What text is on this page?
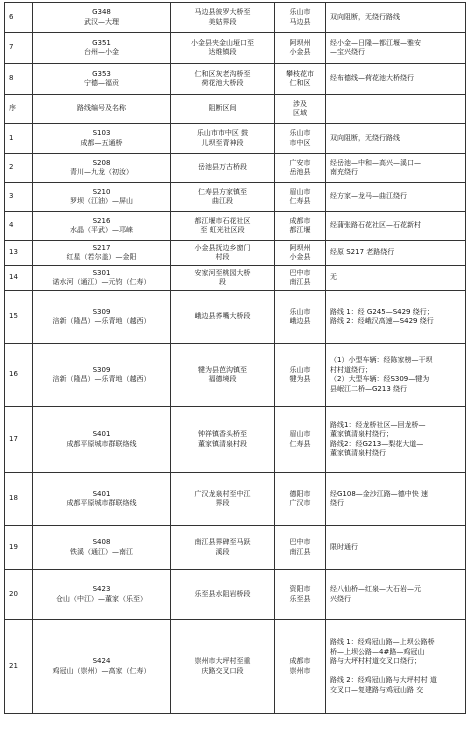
6	G348
武汉—大理	马边县彼罗大桥至
美姑界段	乐山市
马边县	双向阻断，无绕行路线

7	G351
台州—小金	小金县夹金山垭口至
达维镇段	阿坝州
小金县	经小金—日隆—都江堰—雅安
—宝兴绕行

8	G353
宁德—福贡	仁和区灰老沟桥至
荷花池大桥段	攀枝花市
仁和区	经布德线—荷花池大桥绕行

序	路线编号及名称	阻断区间	涉及
区域	

1	S103
成都—五通桥	乐山市市中区 鼓
儿坝至青神段	乐山市
市中区	双向阻断，无绕行路线

2	S208
青川—九龙（初汝）	岳池县万古桥段	广安市
岳池县	经岳池—中和—高兴—溪口—
南充绕行

3	S210
罗坝（江油）—屏山	仁寿县方家镇至
曲江段	眉山市
仁寿县	经方家—龙马—曲江绕行

4	S216
水晶（平武）—邛崃	都江堰市石花社区
至 虹光社区段	成都市
都江堰	经蒲张路石花社区—石花新村

13	S217
红星（若尔盖）—金阳	小金县抚边乡窗门
村段	阿坝州
小金县	经原 S217 老路绕行

14	S301
诺水河（通江）—元钧（仁寿）	安家河至桃园大桥
段	巴中市
南江县	无

15	S309
涪新（隆昌）—乐青地（越西）	峨边县荞嘴大桥段	乐山市
峨边县	路线 1：经 G245—S429 绕行；
路线 2：经峨汉高速—S429 绕行

16	S309
涪新（隆昌）—乐青地（越西）	犍为县芭沟镇至
福德境段	乐山市
犍为县	（1）小型车辆：经陈家榜—干坝
村村道绕行；
（2）大型车辆：经S309—犍为
县岷江二桥—G213 绕行

17	S401
成都平原城市群联络线	钟祥镇香头桥至
董家镇清泉村段	眉山市
仁寿县	路线1：经龙桥社区—回龙桥—
董家镇清泉村绕行；
路线2：经G213—梨花大道—
董家镇清泉村绕行

18	S401
成都平原城市群联络线	广汉龙泉村至中江
界段	德阳市
广汉市	经G108—金沙江路—德中快 速
绕行

19	S408
铁溪（通江）—南江	南江县界碑至马跃
溪段	巴中市
南江县	限时通行

20	S423
仓山（中江）—董家（乐至）	乐至县水阻岩桥段	资阳市
乐至县	经八仙桥—红泉—大石岩—元
兴绕行

21	S424
鸡冠山（崇州）—高家（仁寿）	崇州市大坪村至重
庆路交叉口段	成都市
崇州市	路线 1：经鸡冠山路—上坝公路桥
桥—上坝公路—4#路—鸡冠山
路与大坪村村道交叉口绕行；

路线 2：经鸡冠山路与大坪村村 道
交叉口—复建路与鸡冠山路 交
